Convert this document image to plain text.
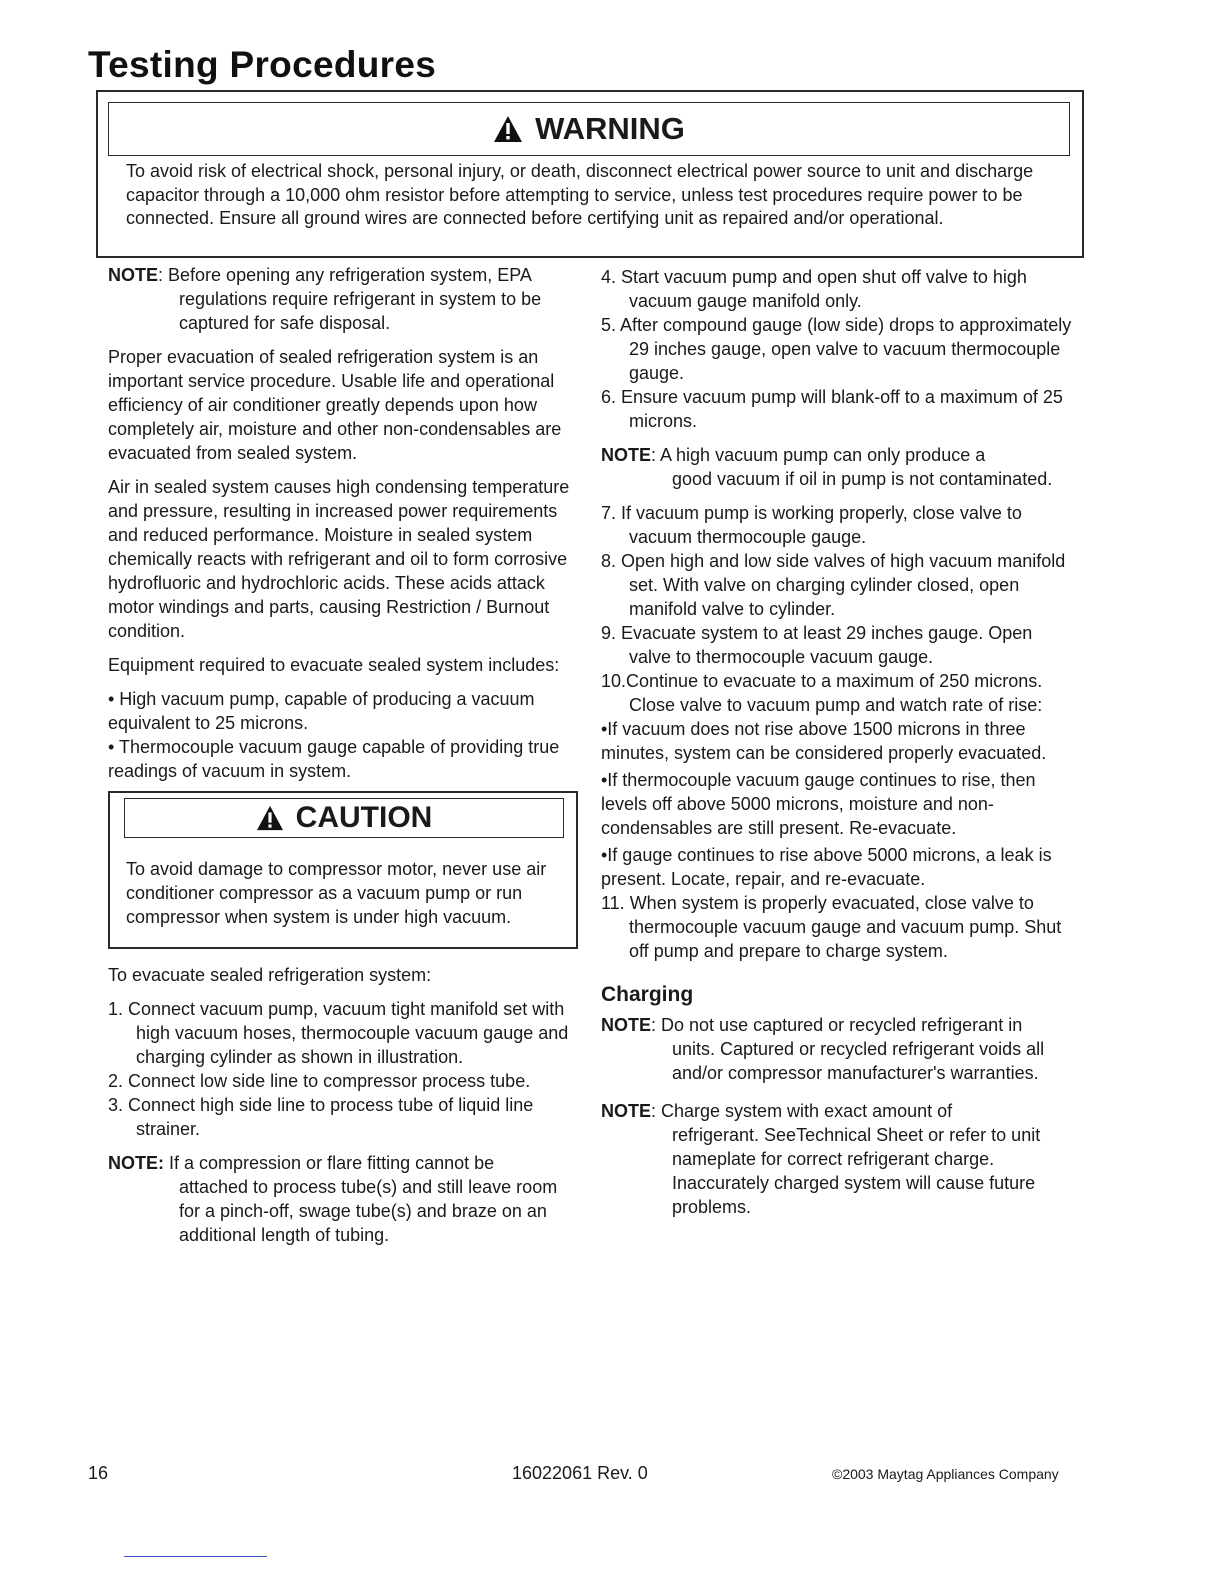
Testing Procedures
WARNING

To avoid risk of electrical shock, personal injury, or death, disconnect electrical power source to unit and discharge capacitor through a 10,000 ohm resistor before attempting to service, unless test procedures require power to be connected. Ensure all ground wires are connected before certifying unit as repaired and/or operational.

NOTE: Before opening any refrigeration system, EPA
regulations require refrigerant in system to be captured for safe disposal.

Proper evacuation of sealed refrigeration system is an important service procedure. Usable life and operational efficiency of air conditioner greatly depends upon how completely air, moisture and other non-condensables are evacuated from sealed system.

Air in sealed system causes high condensing temperature and pressure, resulting in increased power requirements and reduced performance. Moisture in sealed system chemically reacts with refrigerant and oil to form corrosive hydrofluoric and hydrochloric acids. These acids attack motor windings and parts, causing Restriction / Burnout condition.

Equipment required to evacuate sealed system includes:

• High vacuum pump, capable of producing a vacuum equivalent to 25 microns.

• Thermocouple vacuum gauge capable of providing true readings of vacuum in system.

CAUTION

To avoid damage to compressor motor, never use air conditioner compressor as a vacuum pump or run compressor when system is under high vacuum.

To evacuate sealed refrigeration system:

1. Connect vacuum pump, vacuum tight manifold set with high vacuum hoses, thermocouple vacuum gauge and charging cylinder as shown in illustration.

2. Connect low side line to compressor process tube.

3. Connect high side line to process tube of liquid line strainer.

NOTE: If a compression or flare fitting cannot be
attached to process tube(s) and still leave room for a pinch-off, swage tube(s) and braze on an additional length of tubing.

4. Start vacuum pump and open shut off valve to high vacuum gauge manifold only.

5. After compound gauge (low side) drops to approximately 29 inches gauge, open valve to vacuum thermocouple gauge.

6. Ensure vacuum pump will blank-off to a maximum of 25 microns.

NOTE: A high vacuum pump can only produce a
good vacuum if oil in pump is not contaminated.

7. If vacuum pump is working properly, close valve to vacuum thermocouple gauge.

8. Open high and low side valves of high vacuum manifold set. With valve on charging cylinder closed, open manifold valve to cylinder.

9. Evacuate system to at least 29 inches gauge. Open valve to thermocouple vacuum gauge.

10.Continue to evacuate to a maximum of 250 microns. Close valve to vacuum pump and watch rate of rise:

•If vacuum does not rise above 1500 microns in three minutes, system can be considered properly evacuated.

•If thermocouple vacuum gauge continues to rise, then levels off above 5000 microns, moisture and non-condensables are still present. Re-evacuate.

•If gauge continues to rise above 5000 microns, a leak is present. Locate, repair, and re-evacuate.

11. When system is properly evacuated, close valve to thermocouple vacuum gauge and vacuum pump. Shut off pump and prepare to charge system.

Charging
NOTE: Do not use captured or recycled refrigerant in
units. Captured or recycled refrigerant voids all and/or compressor manufacturer's warranties.
NOTE: Charge system with exact amount of
refrigerant. SeeTechnical Sheet or refer to unit nameplate for correct refrigerant charge. Inaccurately charged system will cause future problems.
16	16022061 Rev. 0	©2003 Maytag Appliances Company
